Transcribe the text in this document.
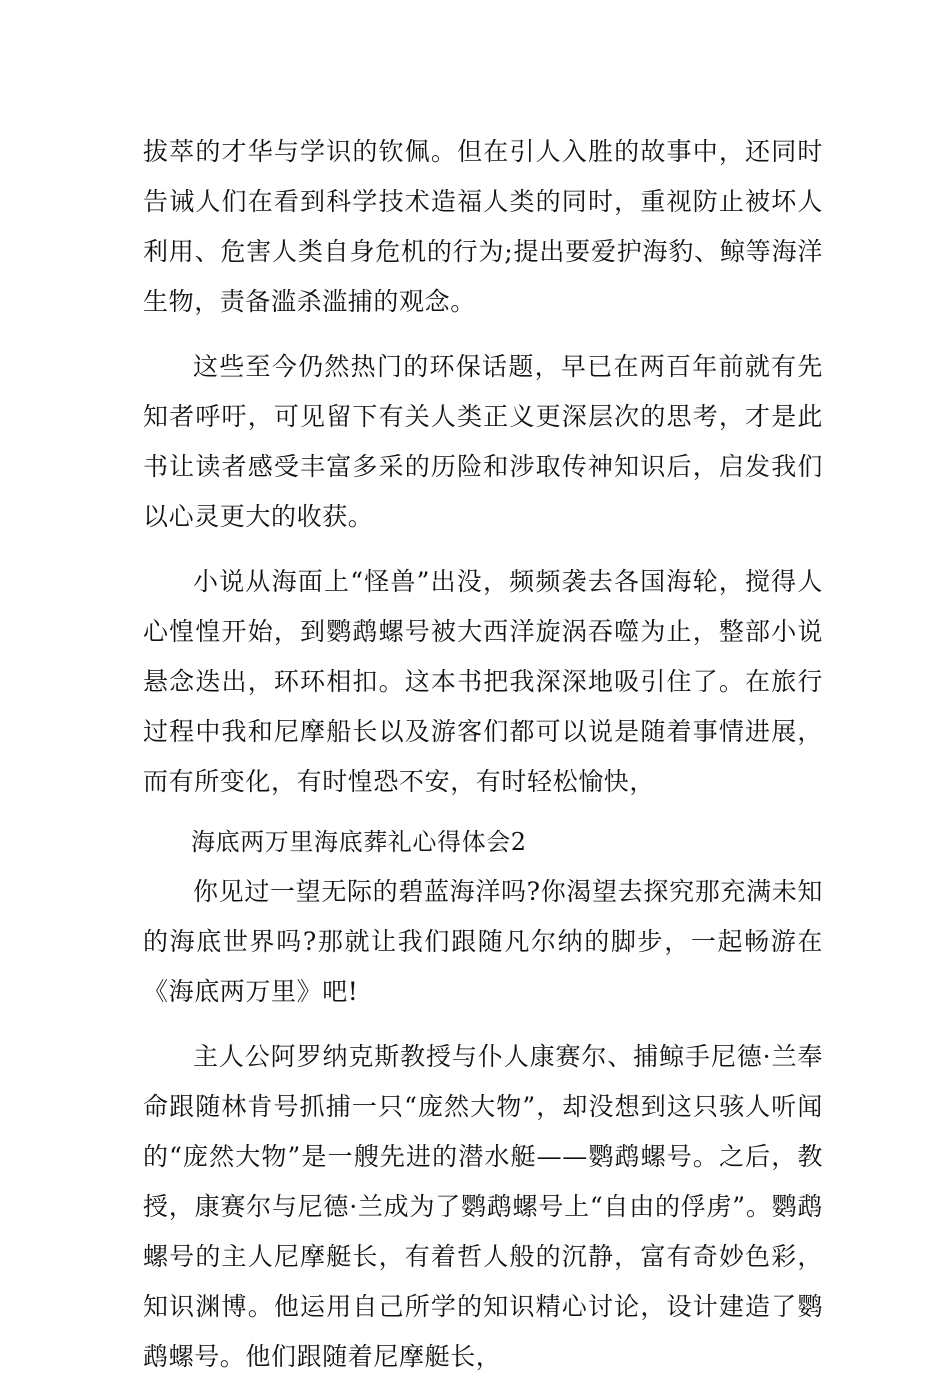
拔萃的才华与学识的钦佩。但在引人入胜的故事中，还同时告诫人们在看到科学技术造福人类的同时，重视防止被坏人利用、危害人类自身危机的行为;提出要爱护海豹、鲸等海洋生物，责备滥杀滥捕的观念。

这些至今仍然热门的环保话题，早已在两百年前就有先知者呼吁，可见留下有关人类正义更深层次的思考，才是此书让读者感受丰富多采的历险和涉取传神知识后，启发我们以心灵更大的收获。

小说从海面上“怪兽”出没，频频袭去各国海轮，搅得人心惶惶开始，到鹦鹉螺号被大西洋旋涡吞噬为止，整部小说悬念迭出，环环相扣。这本书把我深深地吸引住了。在旅行过程中我和尼摩船长以及游客们都可以说是随着事情进展，而有所变化，有时惶恐不安，有时轻松愉快，

海底两万里海底葬礼心得体会2

你见过一望无际的碧蓝海洋吗?你渴望去探究那充满未知的海底世界吗?那就让我们跟随凡尔纳的脚步，一起畅游在《海底两万里》吧!

主人公阿罗纳克斯教授与仆人康赛尔、捕鲸手尼德·兰奉命跟随林肯号抓捕一只“庞然大物”，却没想到这只骇人听闻的“庞然大物”是一艘先进的潜水艇——鹦鹉螺号。之后，教授，康赛尔与尼德·兰成为了鹦鹉螺号上“自由的俘虏”。鹦鹉螺号的主人尼摩艇长，有着哲人般的沉静，富有奇妙色彩，知识渊博。他运用自己所学的知识精心讨论，设计建造了鹦鹉螺号。他们跟随着尼摩艇长，
